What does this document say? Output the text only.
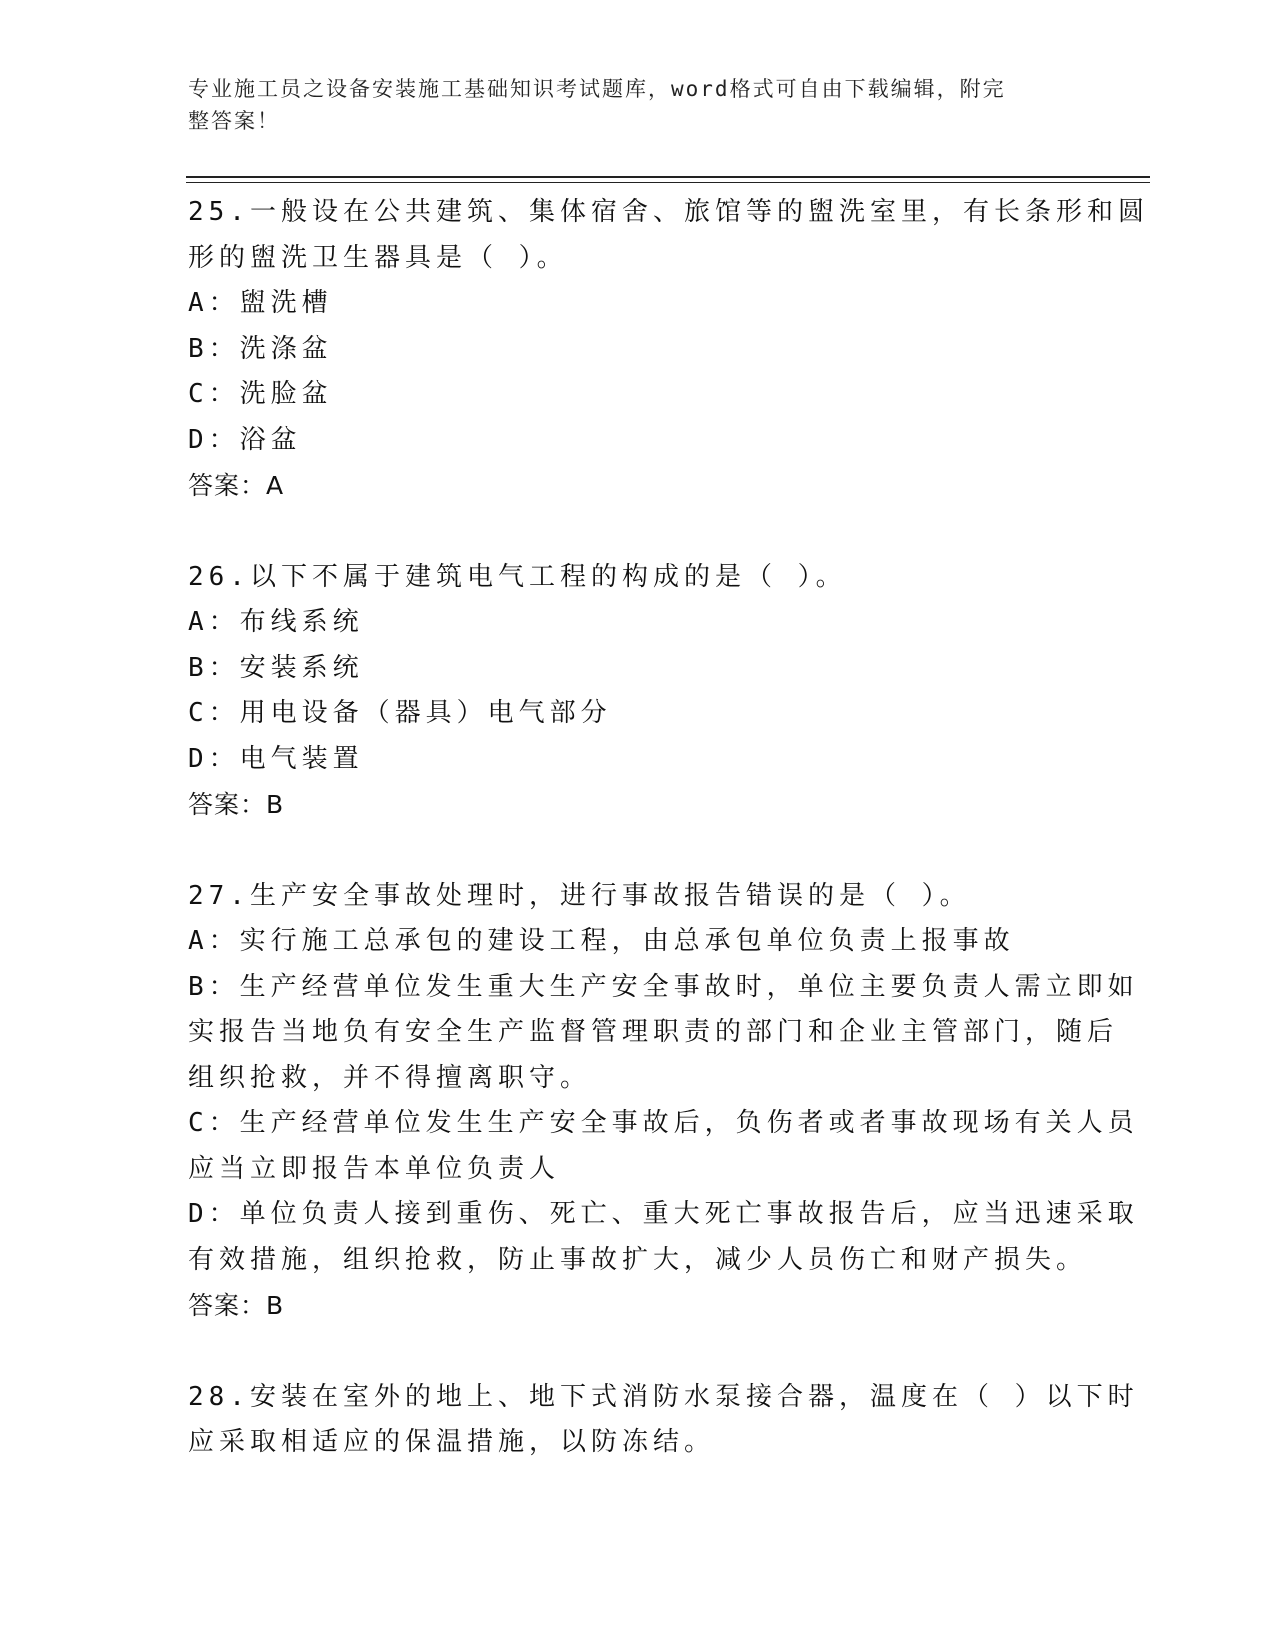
专业施工员之设备安装施工基础知识考试题库，word格式可自由下载编辑，附完
整答案！
25.一般设在公共建筑、集体宿舍、旅馆等的盥洗室里，有长条形和圆
形的盥洗卫生器具是（ ）。
A：盥洗槽
B：洗涤盆
C：洗脸盆
D：浴盆
答案：A
26.以下不属于建筑电气工程的构成的是（ ）。
A：布线系统
B：安装系统
C：用电设备（器具）电气部分
D：电气装置
答案：B
27.生产安全事故处理时，进行事故报告错误的是（ ）。
A：实行施工总承包的建设工程，由总承包单位负责上报事故
B：生产经营单位发生重大生产安全事故时，单位主要负责人需立即如
实报告当地负有安全生产监督管理职责的部门和企业主管部门，随后
组织抢救，并不得擅离职守。
C：生产经营单位发生生产安全事故后，负伤者或者事故现场有关人员
应当立即报告本单位负责人
D：单位负责人接到重伤、死亡、重大死亡事故报告后，应当迅速采取
有效措施，组织抢救，防止事故扩大，减少人员伤亡和财产损失。
答案：B
28.安装在室外的地上、地下式消防水泵接合器，温度在（ ）以下时
应采取相适应的保温措施，以防冻结。
